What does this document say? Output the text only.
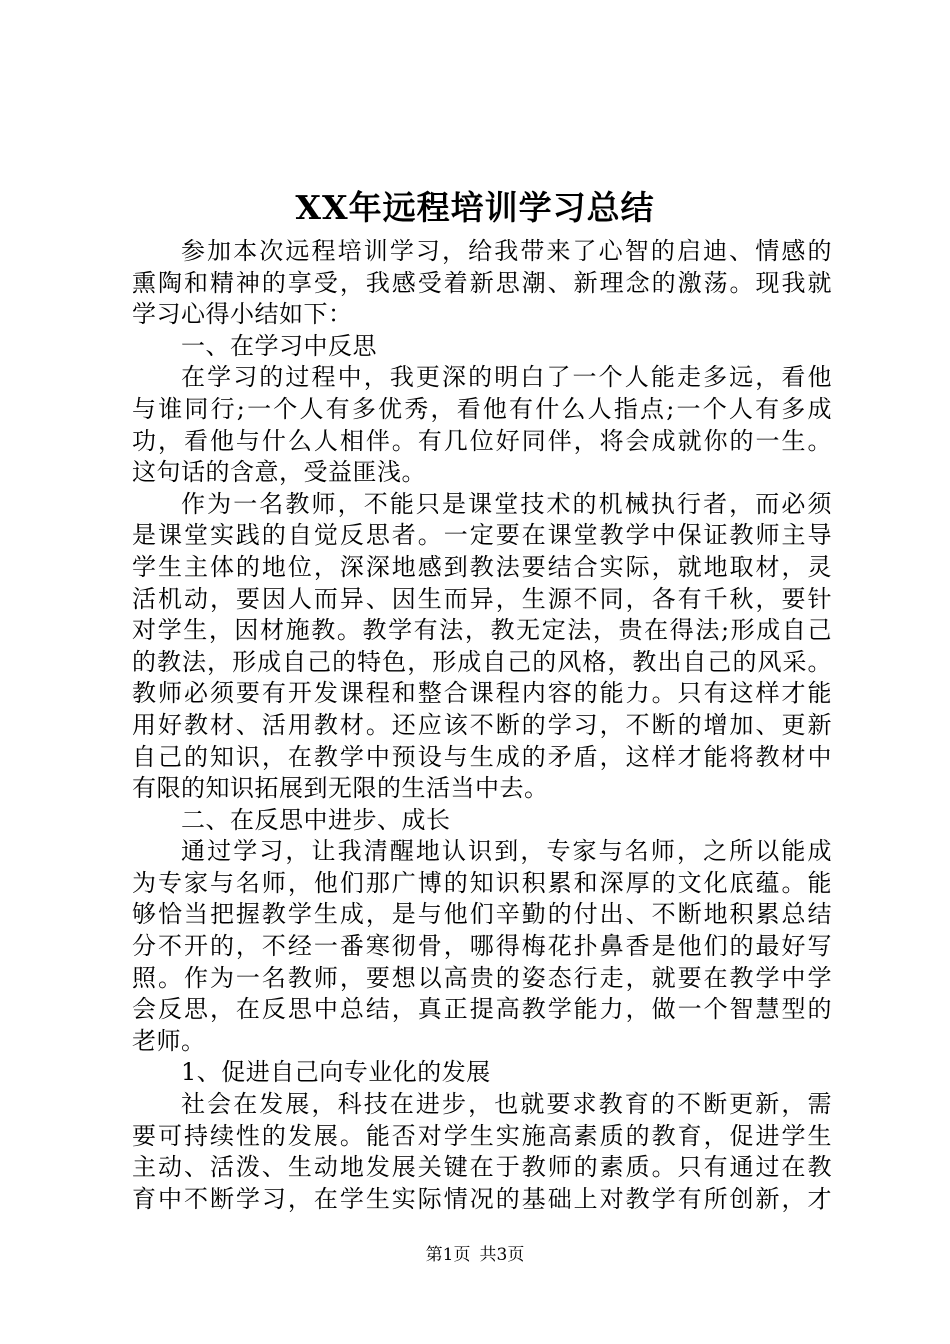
XX年远程培训学习总结
参加本次远程培训学习，给我带来了心智的启迪、情感的
熏陶和精神的享受，我感受着新思潮、新理念的激荡。现我就
学习心得小结如下：
一、在学习中反思
在学习的过程中，我更深的明白了一个人能走多远，看他
与谁同行;一个人有多优秀，看他有什么人指点;一个人有多成
功，看他与什么人相伴。有几位好同伴，将会成就你的一生。
这句话的含意，受益匪浅。
作为一名教师，不能只是课堂技术的机械执行者，而必须
是课堂实践的自觉反思者。一定要在课堂教学中保证教师主导
学生主体的地位，深深地感到教法要结合实际，就地取材，灵
活机动，要因人而异、因生而异，生源不同，各有千秋，要针
对学生，因材施教。教学有法，教无定法，贵在得法;形成自己
的教法，形成自己的特色，形成自己的风格，教出自己的风采。
教师必须要有开发课程和整合课程内容的能力。只有这样才能
用好教材、活用教材。还应该不断的学习，不断的增加、更新
自己的知识，在教学中预设与生成的矛盾，这样才能将教材中
有限的知识拓展到无限的生活当中去。
二、在反思中进步、成长
通过学习，让我清醒地认识到，专家与名师，之所以能成
为专家与名师，他们那广博的知识积累和深厚的文化底蕴。能
够恰当把握教学生成，是与他们辛勤的付出、不断地积累总结
分不开的，不经一番寒彻骨，哪得梅花扑鼻香是他们的最好写
照。作为一名教师，要想以高贵的姿态行走，就要在教学中学
会反思，在反思中总结，真正提高教学能力，做一个智慧型的
老师。
1、促进自己向专业化的发展
社会在发展，科技在进步，也就要求教育的不断更新，需
要可持续性的发展。能否对学生实施高素质的教育，促进学生
主动、活泼、生动地发展关键在于教师的素质。只有通过在教
育中不断学习，在学生实际情况的基础上对教学有所创新，才
第1页 共3页
